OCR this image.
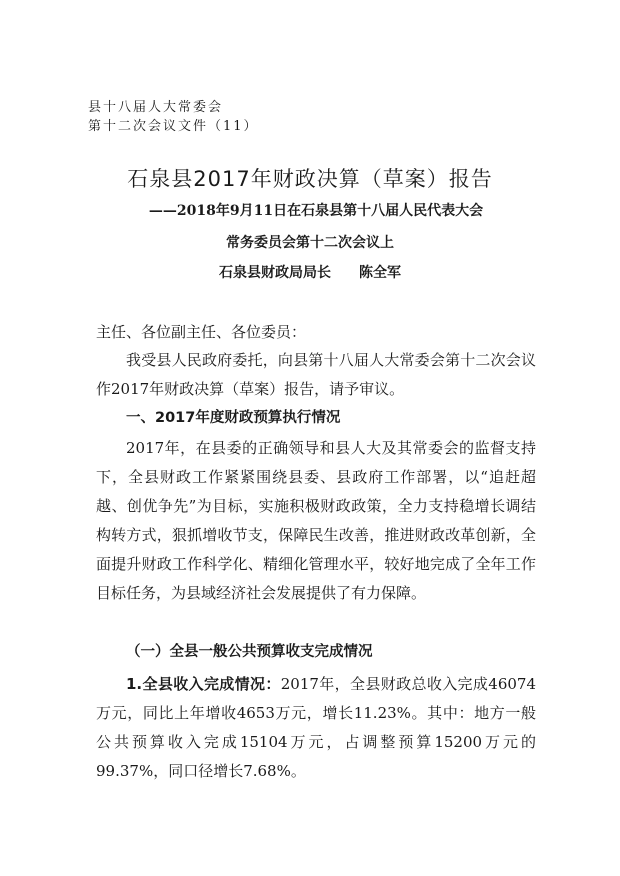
县十八届人大常委会
第十二次会议文件（11）
石泉县2017年财政决算（草案）报告
——2018年9月11日在石泉县第十八届人民代表大会
常务委员会第十二次会议上
石泉县财政局局长 陈全军

主任、各位副主任、各位委员：

我受县人民政府委托，向县第十八届人大常委会第十二次会议作2017年财政决算（草案）报告，请予审议。

一、2017年度财政预算执行情况

2017年，在县委的正确领导和县人大及其常委会的监督支持下，全县财政工作紧紧围绕县委、县政府工作部署，以“追赶超越、创优争先”为目标，实施积极财政政策，全力支持稳增长调结构转方式，狠抓增收节支，保障民生改善，推进财政改革创新，全面提升财政工作科学化、精细化管理水平，较好地完成了全年工作目标任务，为县域经济社会发展提供了有力保障。

（一）全县一般公共预算收支完成情况

1.全县收入完成情况：2017年，全县财政总收入完成46074万元，同比上年增收4653万元，增长11.23%。其中：地方一般公共预算收入完成15104万元，占调整预算15200万元的99.37%，同口径增长7.68%。
